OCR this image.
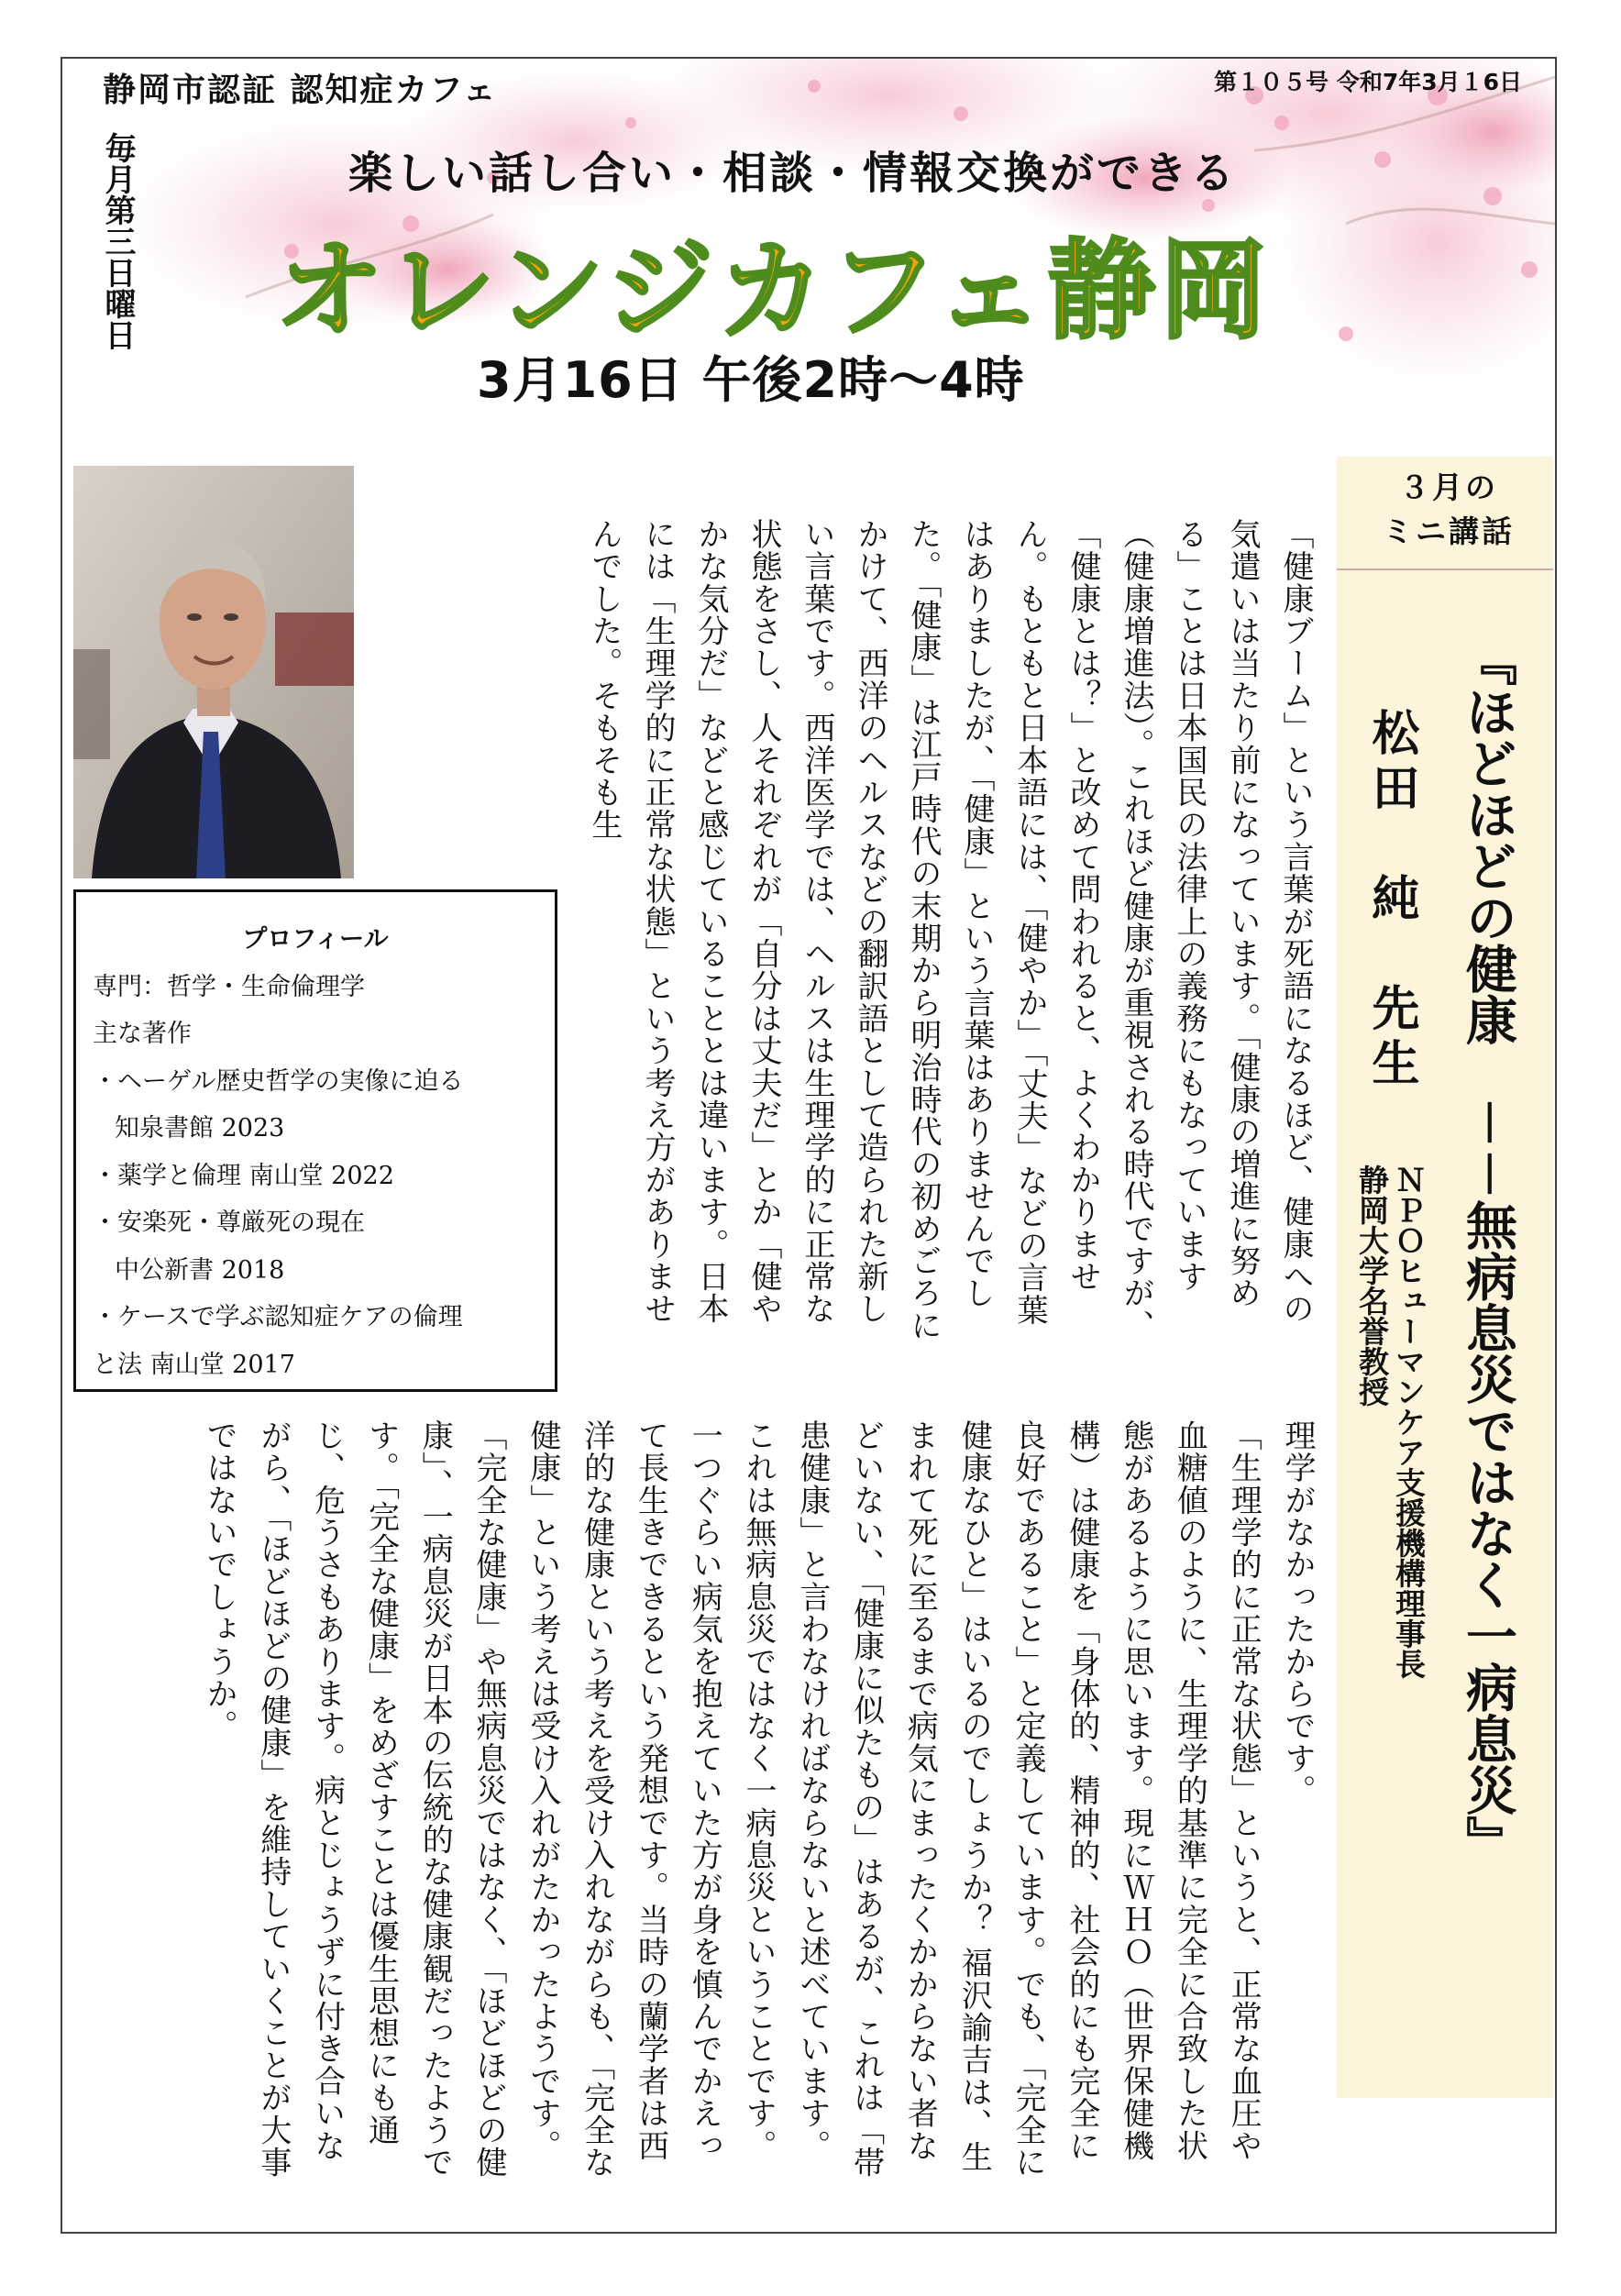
静岡市認証 認知症カフェ	第１０５号 令和7年3月１6日
毎月第三日曜日	楽しい話し合い・相談・情報交換ができる
オレンジカフェ静岡
3月16日 午後2時～4時
プロフィール
専門：哲学・生命倫理学
主な著作
・ヘーゲル歴史哲学の実像に迫る
知泉書館 2023
・薬学と倫理 南山堂 2022
・安楽死・尊厳死の現在
中公新書 2018
・ケースで学ぶ認知症ケアの倫理
と法 南山堂 2017
３月の
ミニ講話
『ほどほどの健康　－－無病息災ではなく一病息災』
松田　純　先生
ＮＰＯヒューマンケア支援機構理事長
静岡大学名誉教授

「健康ブーム」という言葉が死語になるほど、健康への気遣いは当たり前になっています。「健康の増進に努める」ことは日本国民の法律上の義務にもなっています（健康増進法）。これほど健康が重視される時代ですが、「健康とは？」と改めて問われると、よくわかりません。もともと日本語には、「健やか」「丈夫」などの言葉はありましたが、「健康」という言葉はありませんでした。「健康」は江戸時代の末期から明治時代の初めごろにかけて、西洋のヘルスなどの翻訳語として造られた新しい言葉です。西洋医学では、ヘルスは生理学的に正常な状態をさし、人それぞれが「自分は丈夫だ」とか「健やかな気分だ」などと感じていることとは違います。日本には「生理学的に正常な状態」という考え方がありませんでした。そもそも生

理学がなかったからです。
「生理学的に正常な状態」というと、正常な血圧や血糖値のように、生理学的基準に完全に合致した状態があるように思います。現にＷＨＯ（世界保健機構）は健康を「身体的、精神的、社会的にも完全に良好であること」と定義しています。でも、「完全に健康なひと」はいるのでしょうか？ 福沢諭吉は、生まれて死に至るまで病気にまったくかからない者などいない、「健康に似たもの」はあるが、これは「帯患健康」と言わなければならないと述べています。これは無病息災ではなく一病息災ということです。一つぐらい病気を抱えていた方が身を慎んでかえって長生きできるという発想です。当時の蘭学者は西洋的な健康という考えを受け入れながらも、「完全な健康」という考えは受け入れがたかったようです。「完全な健康」や無病息災ではなく、「ほどほどの健康」、一病息災が日本の伝統的な健康観だったようです。「完全な健康」をめざすことは優生思想にも通じ、危うさもあります。病とじょうずに付き合いながら、「ほどほどの健康」を維持していくことが大事ではないでしょうか。
